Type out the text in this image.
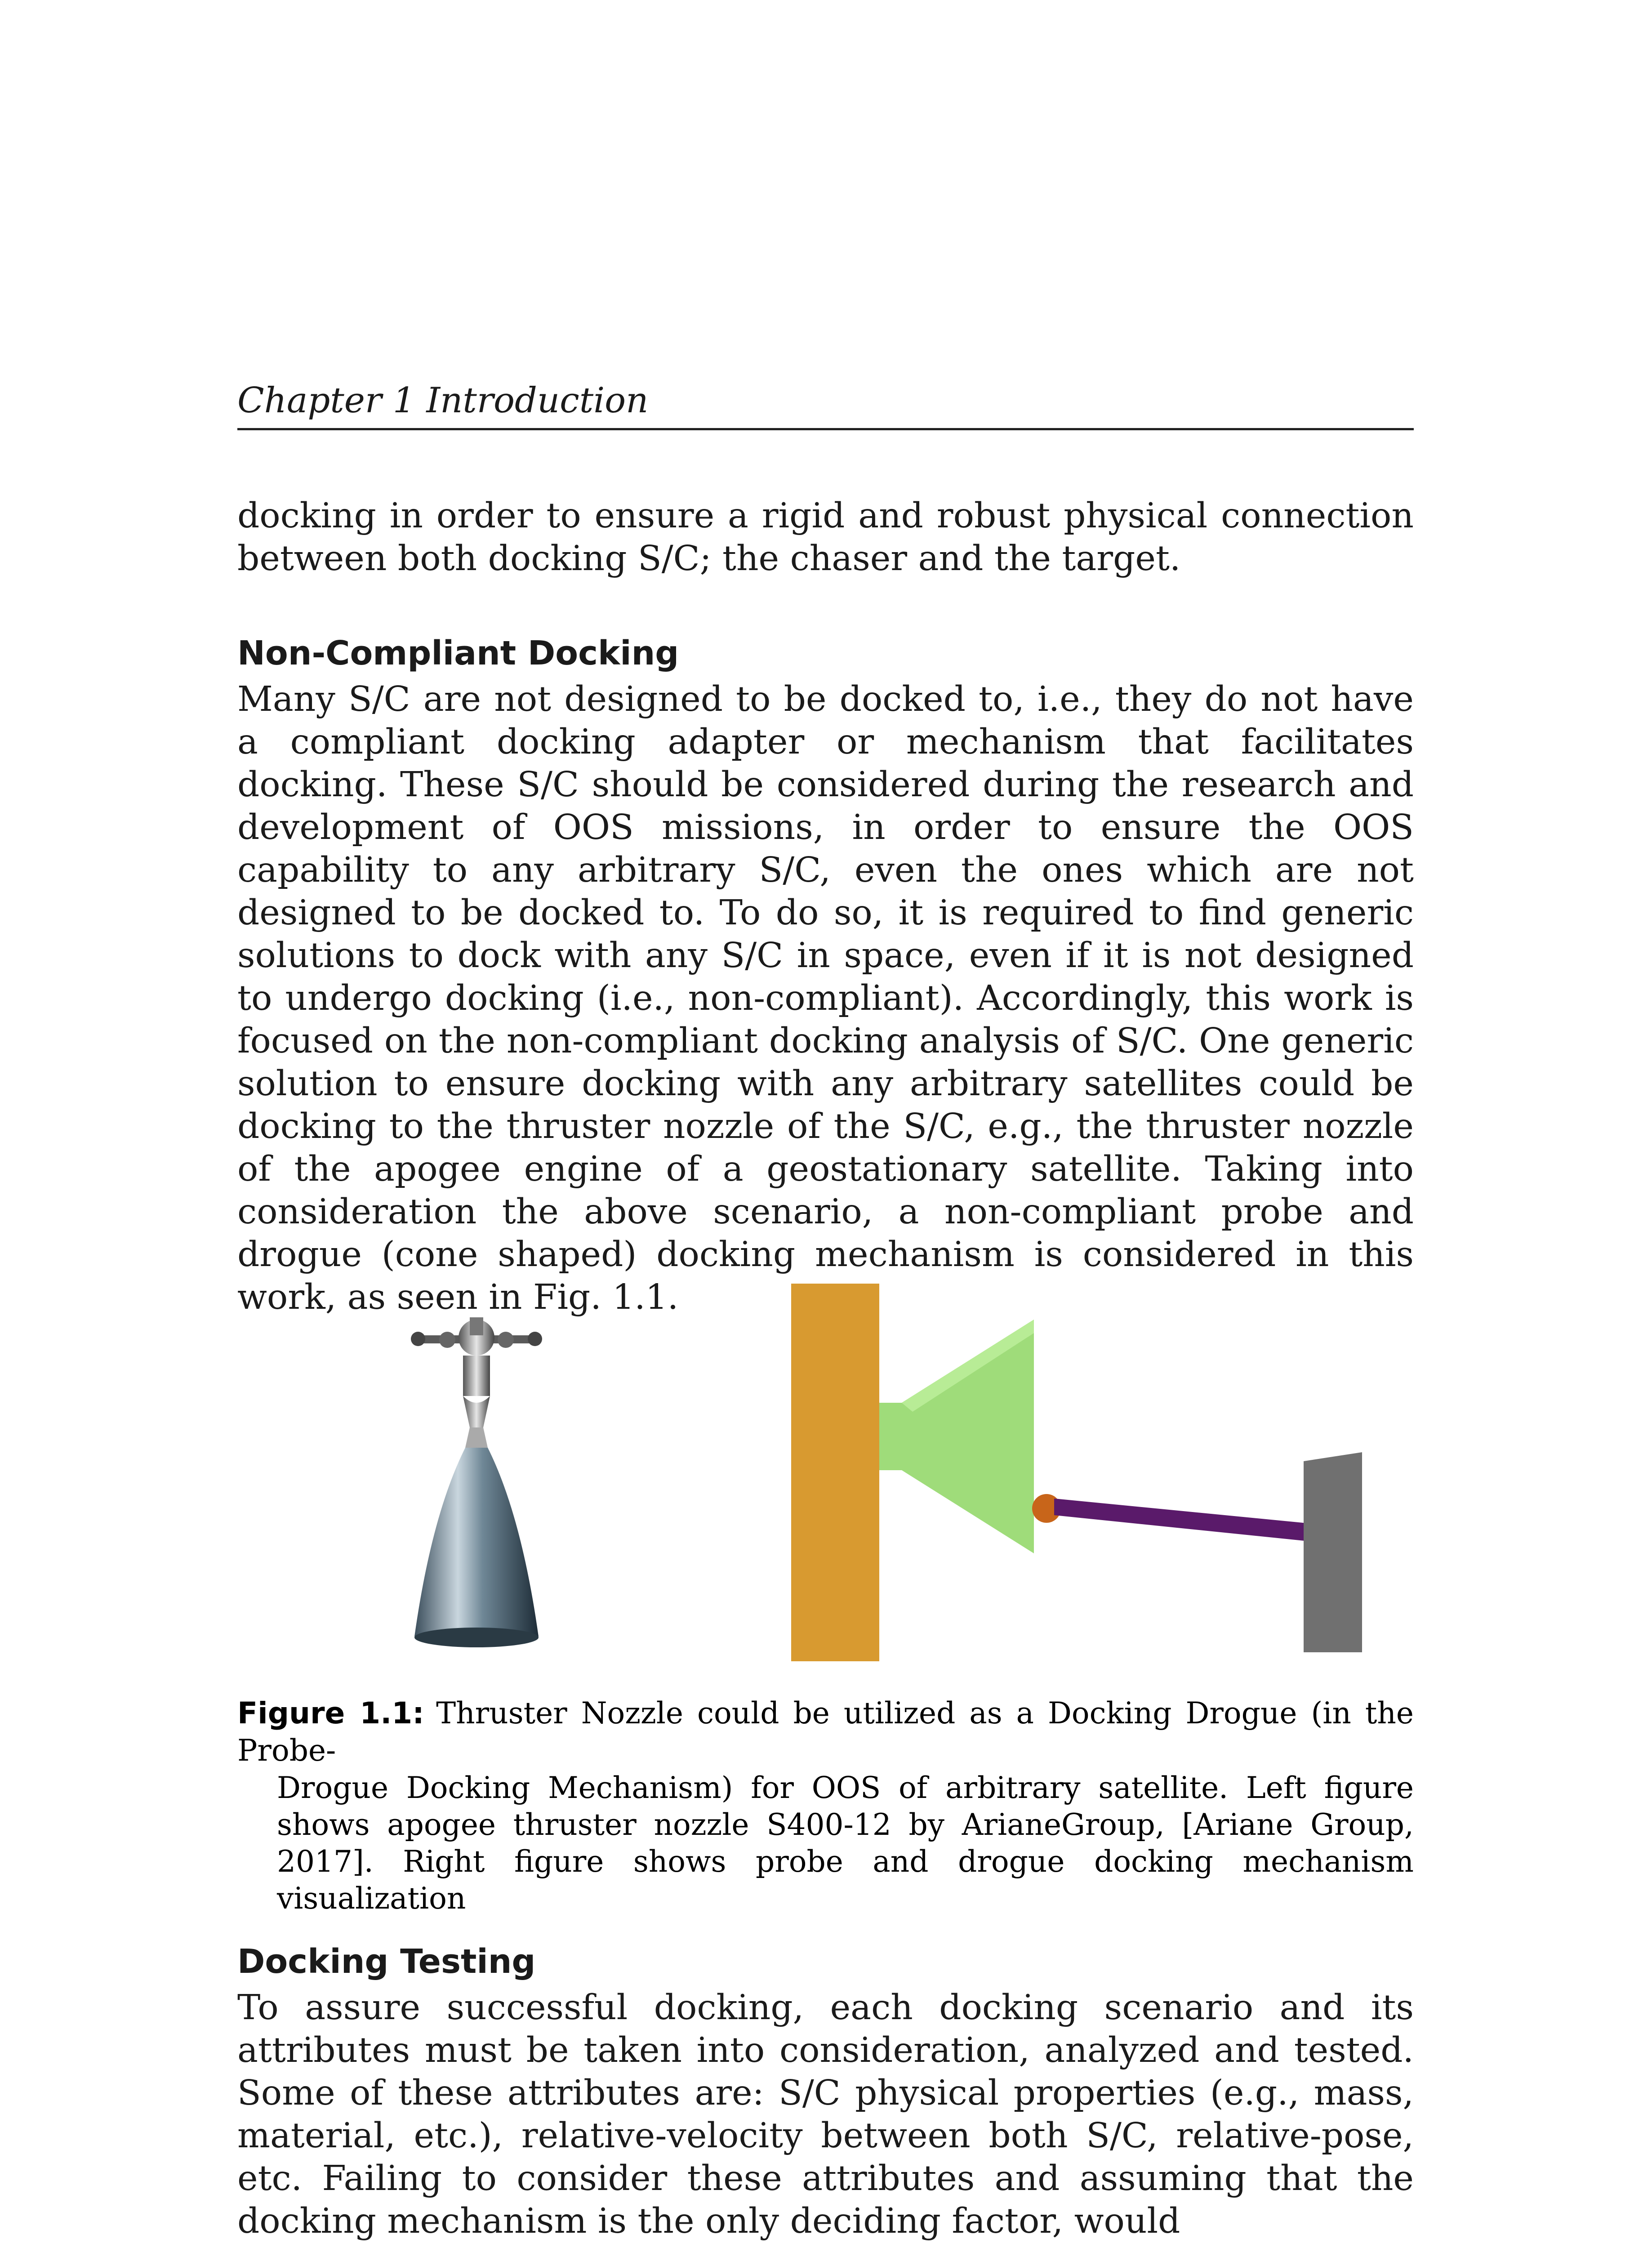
Chapter 1 Introduction

docking in order to ensure a rigid and robust physical connection between both docking S/C; the chaser and the target.

Non-Compliant Docking

Many S/C are not designed to be docked to, i.e., they do not have a compliant docking adapter or mechanism that facilitates docking. These S/C should be considered during the research and development of OOS missions, in order to ensure the OOS capability to any arbitrary S/C, even the ones which are not designed to be docked to. To do so, it is required to find generic solutions to dock with any S/C in space, even if it is not designed to undergo docking (i.e., non-compliant). Accordingly, this work is focused on the non-compliant docking analysis of S/C. One generic solution to ensure docking with any arbitrary satellites could be docking to the thruster nozzle of the S/C, e.g., the thruster nozzle of the apogee engine of a geostationary satellite. Taking into consideration the above scenario, a non-compliant probe and drogue (cone shaped) docking mechanism is considered in this work, as seen in Fig. 1.1.

Figure 1.1: Thruster Nozzle could be utilized as a Docking Drogue (in the Probe-
Drogue Docking Mechanism) for OOS of arbitrary satellite. Left figure shows apogee thruster nozzle S400-12 by ArianeGroup, [Ariane Group, 2017]. Right figure shows probe and drogue docking mechanism visualization

Docking Testing

To assure successful docking, each docking scenario and its attributes must be taken into consideration, analyzed and tested. Some of these attributes are: S/C physical properties (e.g., mass, material, etc.), relative-velocity between both S/C, relative-pose, etc. Failing to consider these attributes and assuming that the docking mechanism is the only deciding factor, would
